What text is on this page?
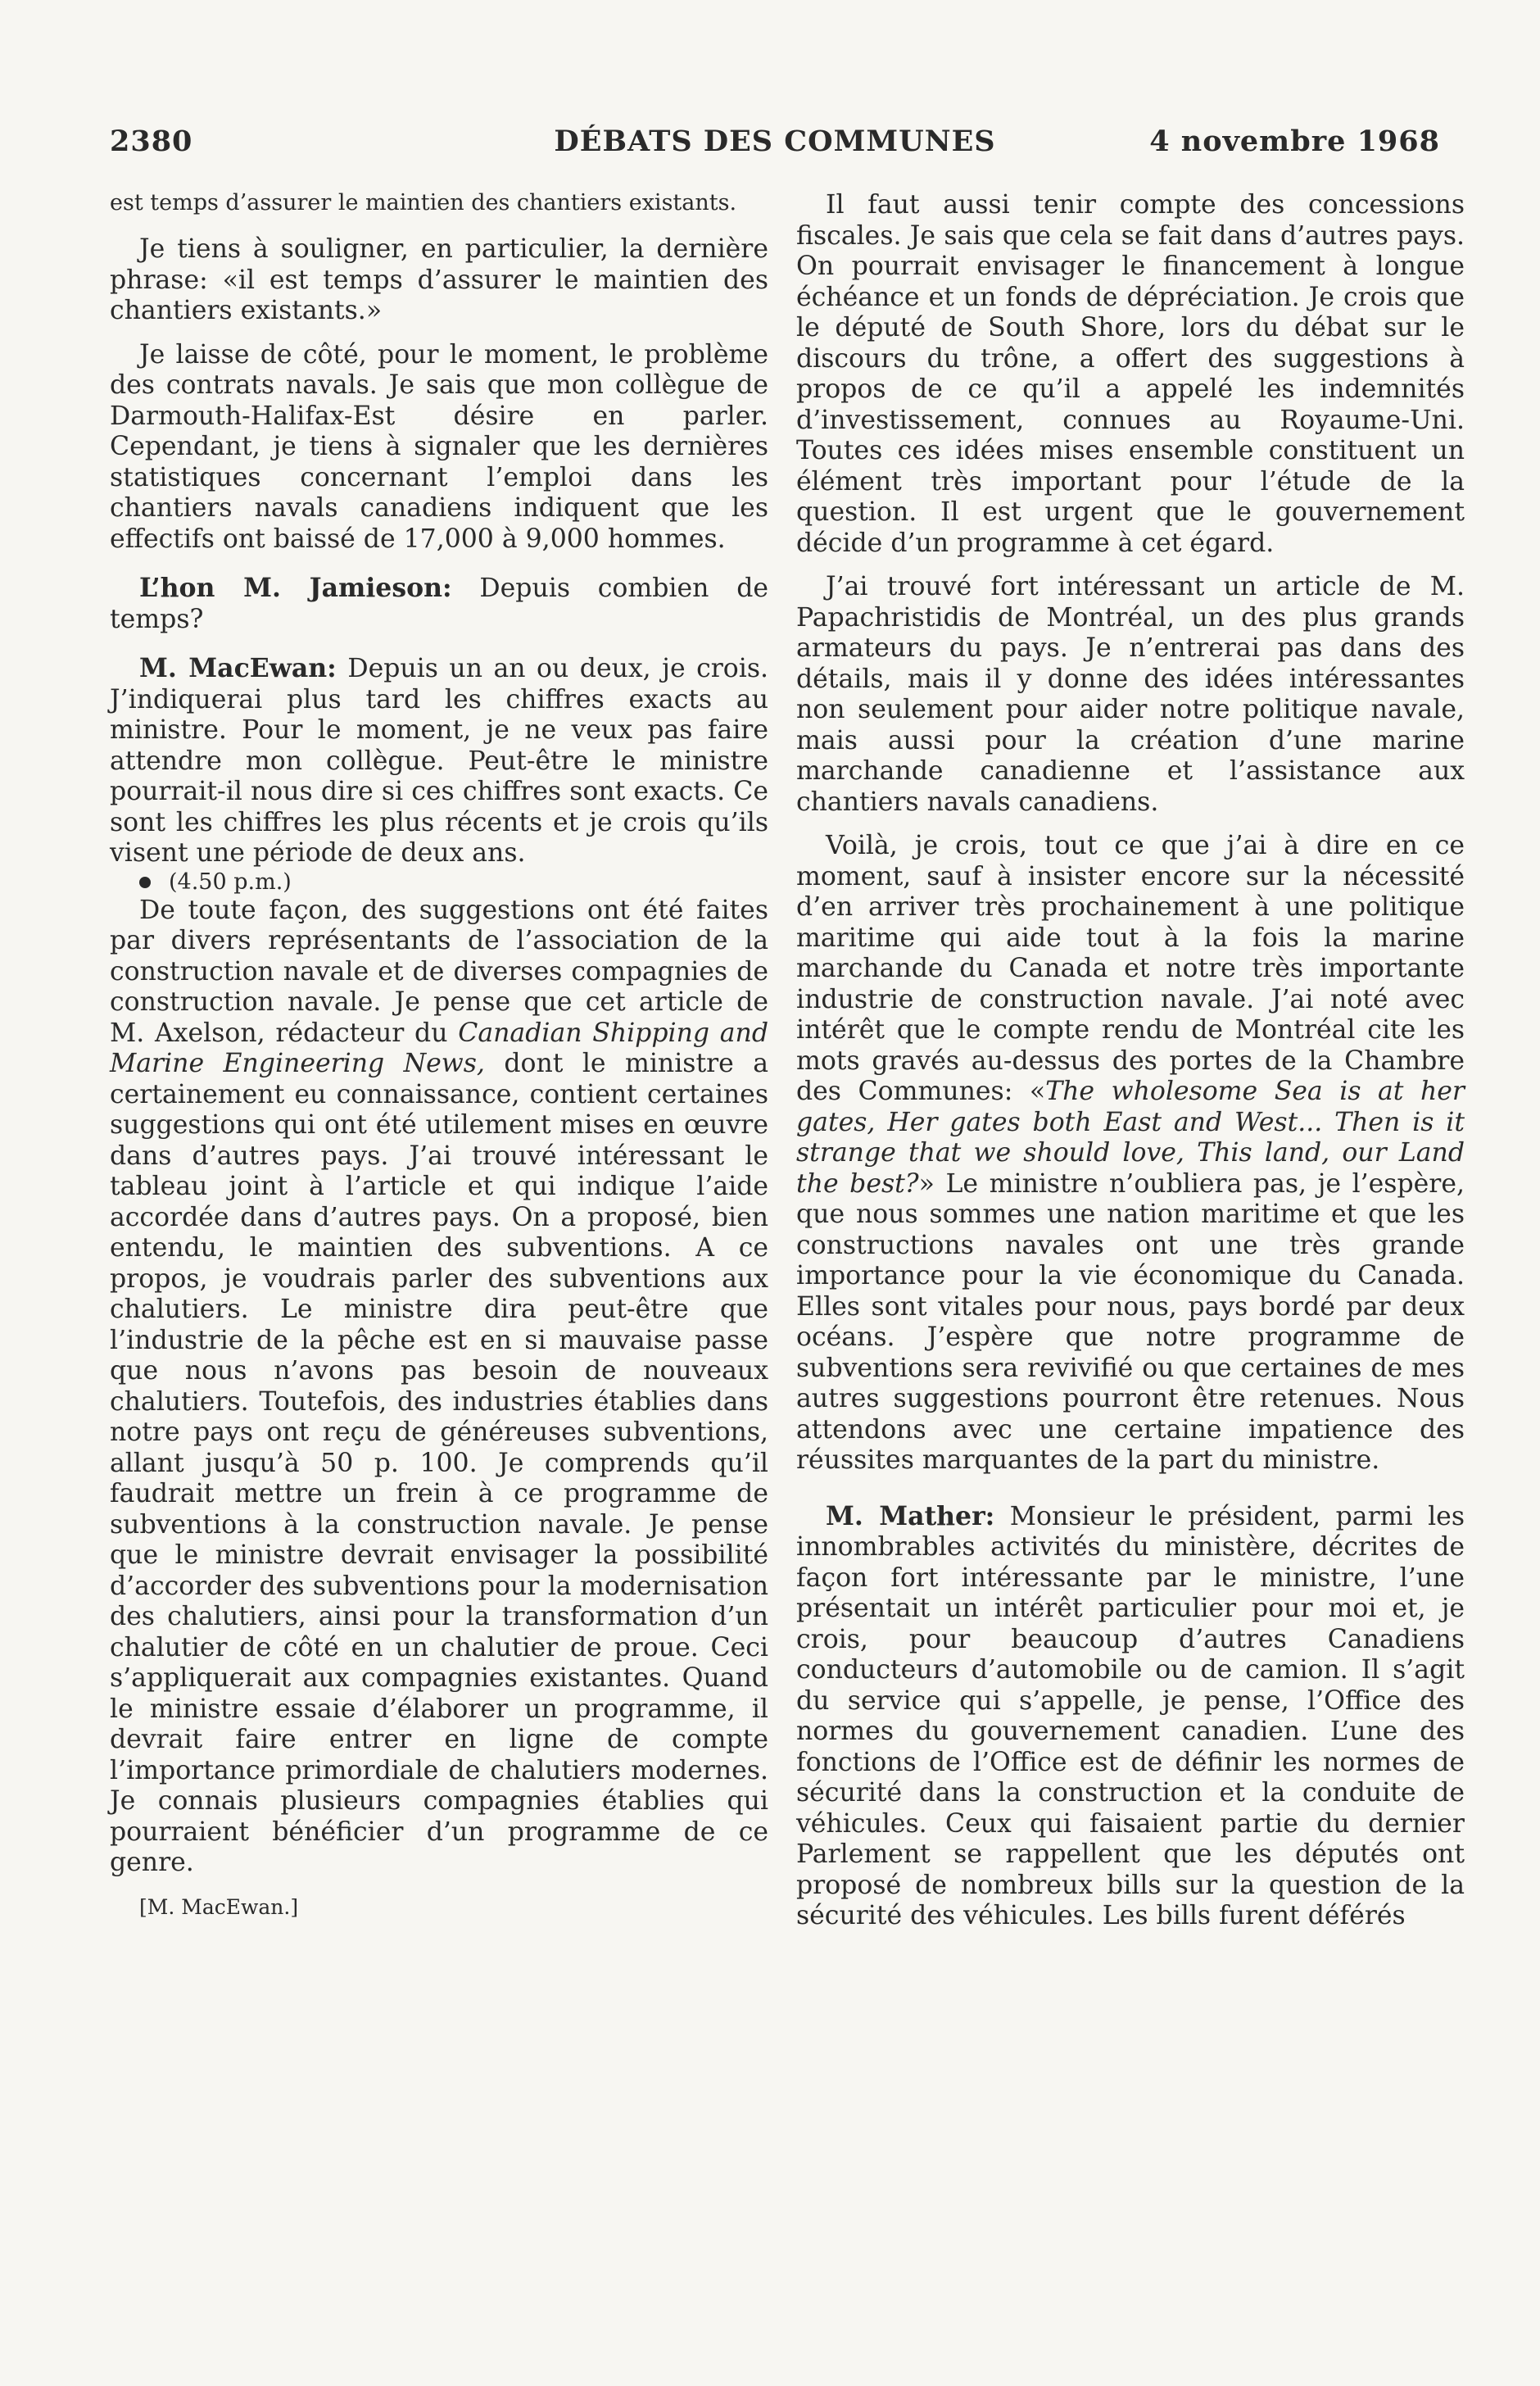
2380	DÉBATS DES COMMUNES	4 novembre 1968

est temps d’assurer le maintien des chantiers existants.

Je tiens à souligner, en particulier, la dernière phrase: «il est temps d’assurer le maintien des chantiers existants.»

Je laisse de côté, pour le moment, le problème des contrats navals. Je sais que mon collègue de Darmouth-Halifax-Est désire en parler. Cependant, je tiens à signaler que les dernières statistiques concernant l’emploi dans les chantiers navals canadiens indiquent que les effectifs ont baissé de 17,000 à 9,000 hommes.

L’hon M. Jamieson: Depuis combien de temps?

M. MacEwan: Depuis un an ou deux, je crois. J’indiquerai plus tard les chiffres exacts au ministre. Pour le moment, je ne veux pas faire attendre mon collègue. Peut-être le ministre pourrait-il nous dire si ces chiffres sont exacts. Ce sont les chiffres les plus récents et je crois qu’ils visent une période de deux ans.

(4.50 p.m.)

De toute façon, des suggestions ont été faites par divers représentants de l’association de la construction navale et de diverses compagnies de construction navale. Je pense que cet article de M. Axelson, rédacteur du Canadian Shipping and Marine Engineering News, dont le ministre a certainement eu connaissance, contient certaines suggestions qui ont été utilement mises en œuvre dans d’autres pays. J’ai trouvé intéressant le tableau joint à l’article et qui indique l’aide accordée dans d’autres pays. On a proposé, bien entendu, le maintien des subventions. A ce propos, je voudrais parler des subventions aux chalutiers. Le ministre dira peut-être que l’industrie de la pêche est en si mauvaise passe que nous n’avons pas besoin de nouveaux chalutiers. Toutefois, des industries établies dans notre pays ont reçu de généreuses subventions, allant jusqu’à 50 p. 100. Je comprends qu’il faudrait mettre un frein à ce programme de subventions à la construction navale. Je pense que le ministre devrait envisager la possibilité d’accorder des subventions pour la modernisation des chalutiers, ainsi pour la transformation d’un chalutier de côté en un chalutier de proue. Ceci s’appliquerait aux compagnies existantes. Quand le ministre essaie d’élaborer un programme, il devrait faire entrer en ligne de compte l’importance primordiale de chalutiers modernes. Je connais plusieurs compagnies établies qui pourraient bénéficier d’un programme de ce genre.

[M. MacEwan.]

Il faut aussi tenir compte des concessions fiscales. Je sais que cela se fait dans d’autres pays. On pourrait envisager le financement à longue échéance et un fonds de dépréciation. Je crois que le député de South Shore, lors du débat sur le discours du trône, a offert des suggestions à propos de ce qu’il a appelé les indemnités d’investissement, connues au Royaume-Uni. Toutes ces idées mises ensemble constituent un élément très important pour l’étude de la question. Il est urgent que le gouvernement décide d’un programme à cet égard.

J’ai trouvé fort intéressant un article de M. Papachristidis de Montréal, un des plus grands armateurs du pays. Je n’entrerai pas dans des détails, mais il y donne des idées intéressantes non seulement pour aider notre politique navale, mais aussi pour la création d’une marine marchande canadienne et l’assistance aux chantiers navals canadiens.

Voilà, je crois, tout ce que j’ai à dire en ce moment, sauf à insister encore sur la nécessité d’en arriver très prochainement à une politique maritime qui aide tout à la fois la marine marchande du Canada et notre très importante industrie de construction navale. J’ai noté avec intérêt que le compte rendu de Montréal cite les mots gravés au-dessus des portes de la Chambre des Communes: «The wholesome Sea is at her gates, Her gates both East and West... Then is it strange that we should love, This land, our Land the best?» Le ministre n’oubliera pas, je l’espère, que nous sommes une nation maritime et que les constructions navales ont une très grande importance pour la vie économique du Canada. Elles sont vitales pour nous, pays bordé par deux océans. J’espère que notre programme de subventions sera revivifié ou que certaines de mes autres suggestions pourront être retenues. Nous attendons avec une certaine impatience des réussites marquantes de la part du ministre.

M. Mather: Monsieur le président, parmi les innombrables activités du ministère, décrites de façon fort intéressante par le ministre, l’une présentait un intérêt particulier pour moi et, je crois, pour beaucoup d’autres Canadiens conducteurs d’automobile ou de camion. Il s’agit du service qui s’appelle, je pense, l’Office des normes du gouvernement canadien. L’une des fonctions de l’Office est de définir les normes de sécurité dans la construction et la conduite de véhicules. Ceux qui faisaient partie du dernier Parlement se rappellent que les députés ont proposé de nombreux bills sur la question de la sécurité des véhicules. Les bills furent déférés
